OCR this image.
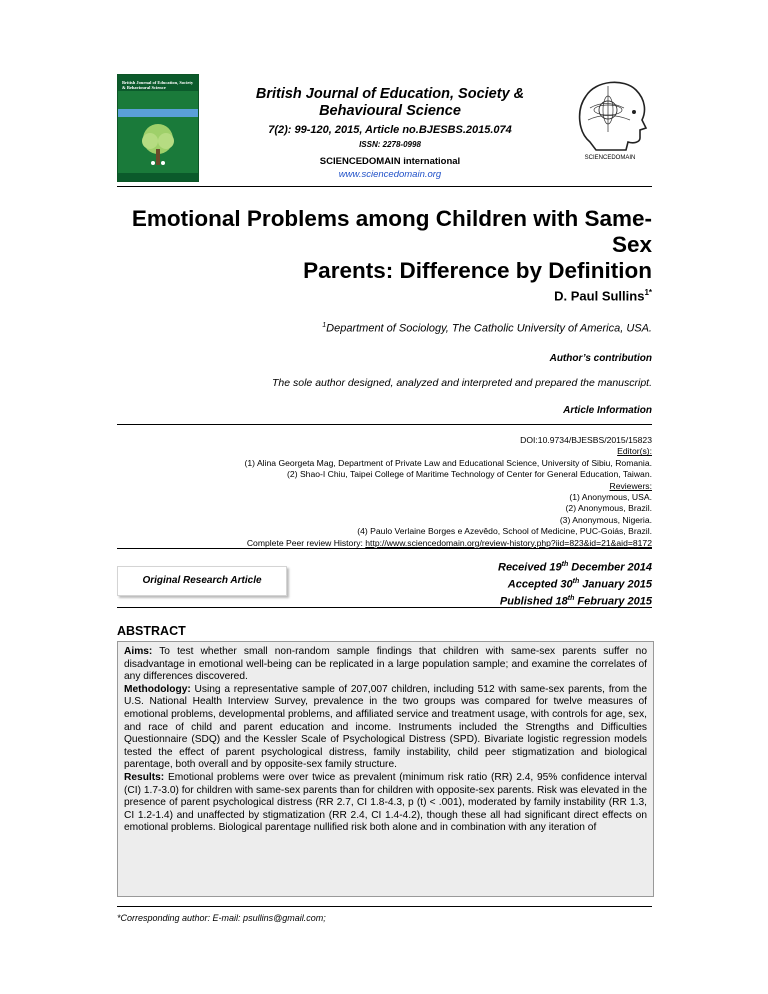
British Journal of Education, Society & Behavioural Science	British Journal of Education, Society & Behavioural Science
7(2): 99-120, 2015, Article no.BJESBS.2015.074
ISSN: 2278-0998
SCIENCEDOMAIN international
www.sciencedomain.org
SCIENCEDOMAIN
Emotional Problems among Children with Same-Sex
Parents: Difference by Definition
D. Paul Sullins$^{1*}$
$^1$Department of Sociology, The Catholic University of America, USA.
Author’s contribution
The sole author designed, analyzed and interpreted and prepared the manuscript.
Article Information
DOI:10.9734/BJESBS/2015/15823
Editor(s):
(1) Alina Georgeta Mag, Department of Private Law and Educational Science, University of Sibiu, Romania.
(2) Shao-I Chiu, Taipei College of Maritime Technology of Center for General Education, Taiwan.
Reviewers:
(1) Anonymous, USA.
(2) Anonymous, Brazil.
(3) Anonymous, Nigeria.
(4) Paulo Verlaine Borges e Azevêdo, School of Medicine, PUC-Goiás, Brazil.
Complete Peer review History: http://www.sciencedomain.org/review-history.php?iid=823&id=21&aid=8172
Original Research Article
Received 19th December 2014
Accepted 30th January 2015
Published 18th February 2015
ABSTRACT

Aims: To test whether small non-random sample findings that children with same-sex parents suffer no disadvantage in emotional well-being can be replicated in a large population sample; and examine the correlates of any differences discovered.

Methodology: Using a representative sample of 207,007 children, including 512 with same-sex parents, from the U.S. National Health Interview Survey, prevalence in the two groups was compared for twelve measures of emotional problems, developmental problems, and affiliated service and treatment usage, with controls for age, sex, and race of child and parent education and income. Instruments included the Strengths and Difficulties Questionnaire (SDQ) and the Kessler Scale of Psychological Distress (SPD). Bivariate logistic regression models tested the effect of parent psychological distress, family instability, child peer stigmatization and biological parentage, both overall and by opposite-sex family structure.

Results: Emotional problems were over twice as prevalent (minimum risk ratio (RR) 2.4, 95% confidence interval (CI) 1.7-3.0) for children with same-sex parents than for children with opposite-sex parents. Risk was elevated in the presence of parent psychological distress (RR 2.7, CI 1.8-4.3, p (t) < .001), moderated by family instability (RR 1.3, CI 1.2-1.4) and unaffected by stigmatization (RR 2.4, CI 1.4-4.2), though these all had significant direct effects on emotional problems. Biological parentage nullified risk both alone and in combination with any iteration of

*Corresponding author: E-mail: psullins@gmail.com;
